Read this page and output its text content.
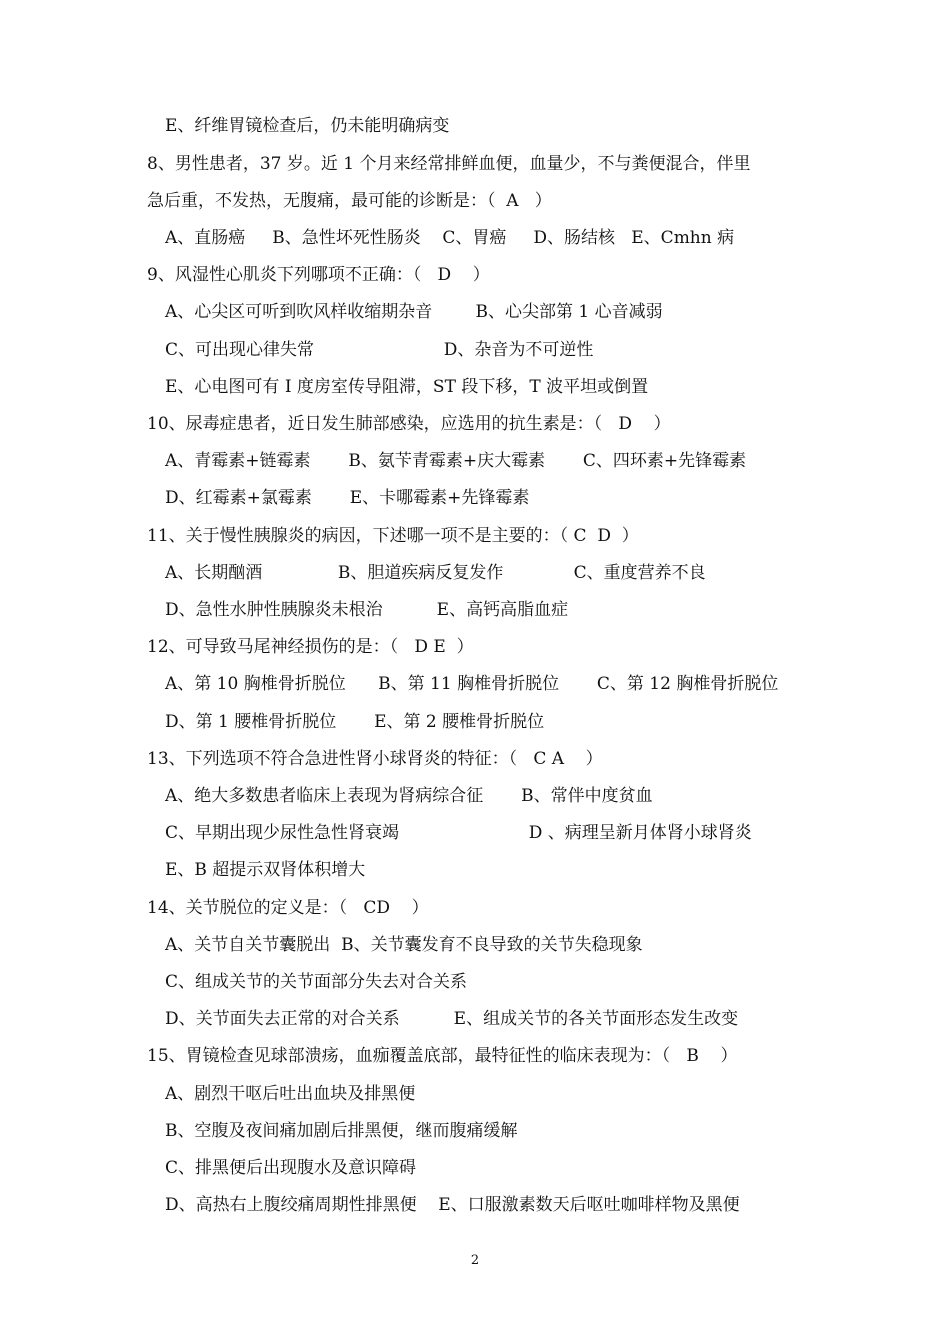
E、纤维胃镜检查后，仍未能明确病变
8、男性患者，37 岁。近 1 个月来经常排鲜血便，血量少，不与粪便混合，伴里
急后重，不发热，无腹痛，最可能的诊断是：（  A   ）
A、直肠癌     B、急性坏死性肠炎    C、胃癌     D、肠结核   E、Cmhn 病
9、风湿性心肌炎下列哪项不正确：（   D    ）
A、心尖区可听到吹风样收缩期杂音        B、心尖部第 1 心音减弱
C、可出现心律失常                        D、杂音为不可逆性
E、心电图可有 I 度房室传导阻滞，ST 段下移，T 波平坦或倒置
10、尿毒症患者，近日发生肺部感染，应选用的抗生素是：（   D    ）
A、青霉素+链霉素       B、氨苄青霉素+庆大霉素       C、四环素+先锋霉素
D、红霉素+氯霉素       E、卡哪霉素+先锋霉素
11、关于慢性胰腺炎的病因，下述哪一项不是主要的：（ C  D  ）
A、长期酗酒              B、胆道疾病反复发作             C、重度营养不良
D、急性水肿性胰腺炎未根治          E、高钙高脂血症
12、可导致马尾神经损伤的是：（   D E  ）
A、第 10 胸椎骨折脱位      B、第 11 胸椎骨折脱位       C、第 12 胸椎骨折脱位
D、第 1 腰椎骨折脱位       E、第 2 腰椎骨折脱位
13、下列选项不符合急进性肾小球肾炎的特征：（   C A    ）
A、绝大多数患者临床上表现为肾病综合征       B、常伴中度贫血
C、早期出现少尿性急性肾衰竭                        D 、病理呈新月体肾小球肾炎
E、B 超提示双肾体积增大
14、关节脱位的定义是：（   CD    ）
A、关节自关节囊脱出  B、关节囊发育不良导致的关节失稳现象
C、组成关节的关节面部分失去对合关系
D、关节面失去正常的对合关系          E、组成关节的各关节面形态发生改变
15、胃镜检查见球部溃疡，血痂覆盖底部，最特征性的临床表现为：（   B    ）
A、剧烈干呕后吐出血块及排黑便
B、空腹及夜间痛加剧后排黑便，继而腹痛缓解
C、排黑便后出现腹水及意识障碍
D、高热右上腹绞痛周期性排黑便    E、口服激素数天后呕吐咖啡样物及黑便
2
